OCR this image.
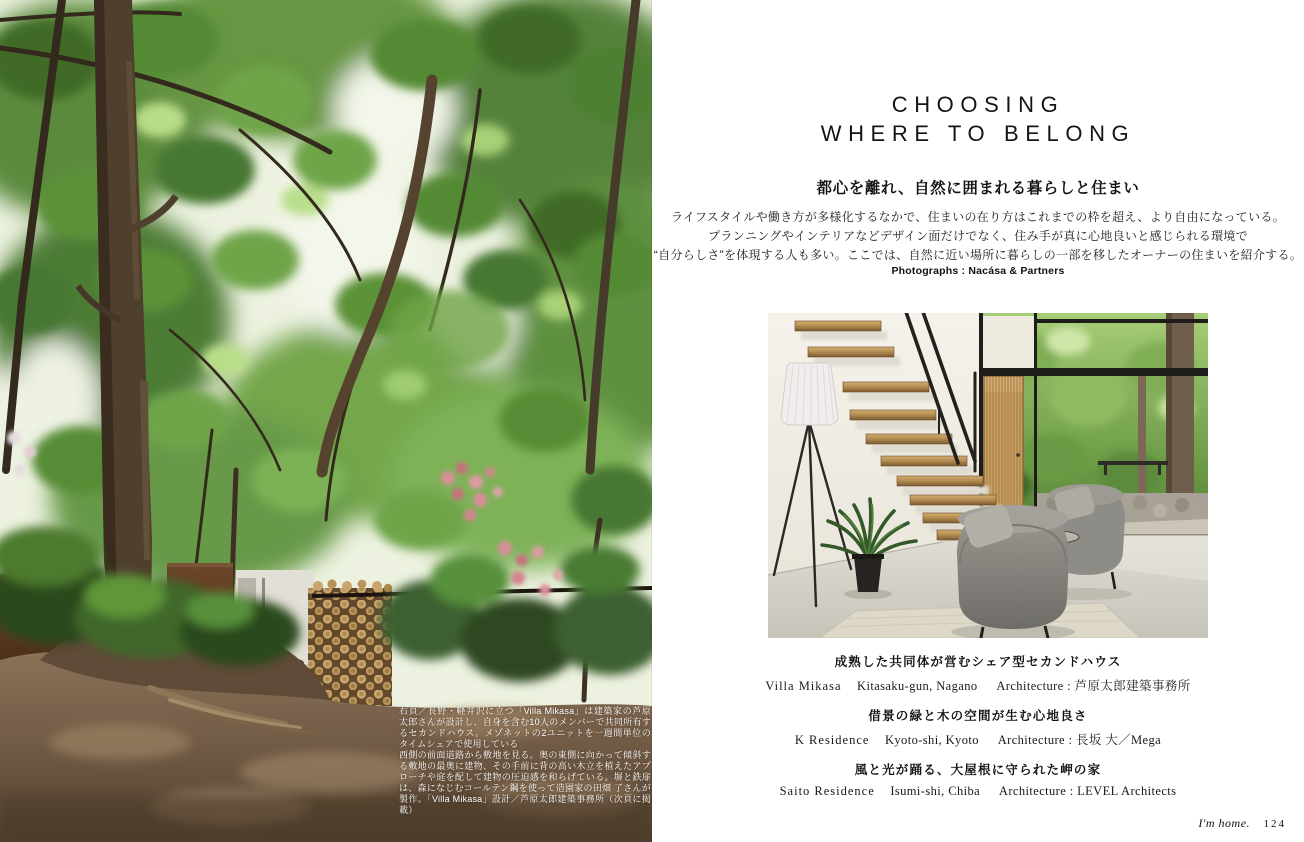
右頁／長野・軽井沢に立つ「Villa Mikasa」は建築家の芦原太郎さんが設計し、自身を含む10人のメンバーで共同所有するセカンドハウス。メゾネットの2ユニットを一週間単位のタイムシェアで使用している

西側の前面道路から敷地を見る。奥の東側に向かって傾斜する敷地の最奥に建物、その手前に背の高い木立を植えたアプローチや庭を配して建物の圧迫感を和らげている。塀と鉄扉は、森になじむコールテン鋼を使って造園家の田畑 了さんが製作。「Villa Mikasa」設計／芦原太郎建築事務所（次頁に掲載）

CHOOSING
WHERE TO BELONG
都心を離れ、自然に囲まれる暮らしと住まい
ライフスタイルや働き方が多様化するなかで、住まいの在り方はこれまでの枠を超え、より自由になっている。
プランニングやインテリアなどデザイン面だけでなく、住み手が真に心地良いと感じられる環境で
“自分らしさ”を体現する人も多い。ここでは、自然に近い場所に暮らしの一部を移したオーナーの住まいを紹介する。
Photographs : Nacása & Partners
成熟した共同体が営むシェア型セカンドハウス
Villa Mikasa Kitasaku-gun, Nagano Architecture : 芦原太郎建築事務所
借景の緑と木の空間が生む心地良さ
K Residence Kyoto-shi, Kyoto Architecture : 長坂 大／Mega
風と光が踊る、大屋根に守られた岬の家
Saito Residence Isumi-shi, Chiba Architecture : LEVEL Architects
I'm home. 124
